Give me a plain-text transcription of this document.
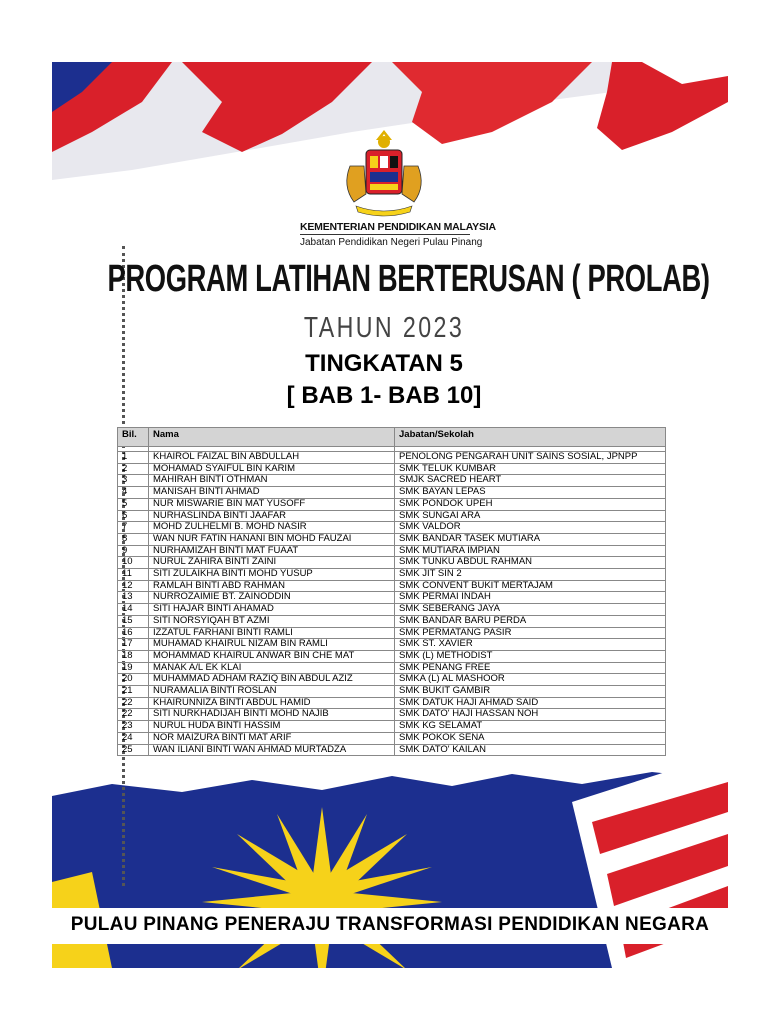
KEMENTERIAN PENDIDIKAN MALAYSIA
Jabatan Pendidikan Negeri Pulau Pinang
PROGRAM LATIHAN BERTERUSAN ( PROLAB)
TAHUN 2023
TINGKATAN 5
[ BAB 1- BAB 10]
Bil.	Nama	Jabatan/Sekolah

1	KHAIROL FAIZAL BIN ABDULLAH	PENOLONG PENGARAH UNIT SAINS SOSIAL, JPNPP
2	MOHAMAD SYAIFUL BIN KARIM	SMK TELUK KUMBAR
3	MAHIRAH BINTI OTHMAN	SMJK SACRED HEART
4	MANISAH BINTI AHMAD	SMK BAYAN LEPAS
5	NUR MISWARIE BIN MAT YUSOFF	SMK PONDOK UPEH
6	NURHASLINDA BINTI JAAFAR	SMK SUNGAI ARA
7	MOHD ZULHELMI B. MOHD NASIR	SMK VALDOR
8	WAN NUR FATIN HANANI BIN MOHD FAUZAI	SMK BANDAR TASEK MUTIARA
9	NURHAMIZAH BINTI MAT FUAAT	SMK MUTIARA IMPIAN
10	NURUL ZAHIRA BINTI ZAINI	SMK TUNKU ABDUL RAHMAN
11	SITI ZULAIKHA BINTI MOHD YUSUP	SMK JIT SIN 2
12	RAMLAH BINTI ABD RAHMAN	SMK CONVENT BUKIT MERTAJAM
13	NURROZAIMIE BT. ZAINODDIN	SMK PERMAI INDAH
14	SITI HAJAR BINTI AHAMAD	SMK SEBERANG JAYA
15	SITI NORSYIQAH BT AZMI	SMK BANDAR BARU PERDA
16	IZZATUL FARHANI BINTI RAMLI	SMK PERMATANG PASIR
17	MUHAMAD KHAIRUL NIZAM BIN RAMLI	SMK ST. XAVIER
18	MOHAMMAD KHAIRUL ANWAR BIN CHE MAT	SMK (L) METHODIST
19	MANAK A/L EK KLAI	SMK PENANG FREE
20	MUHAMMAD ADHAM RAZIQ BIN ABDUL AZIZ	SMKA (L) AL MASHOOR
21	NURAMALIA BINTI ROSLAN	SMK BUKIT GAMBIR
22	KHAIRUNNIZA BINTI ABDUL HAMID	SMK DATUK HAJI AHMAD SAID
22	SITI NURKHADIJAH BINTI MOHD NAJIB	SMK DATO' HAJI HASSAN NOH
23	NURUL HUDA BINTI HASSIM	SMK KG SELAMAT
24	NOR MAIZURA BINTI MAT ARIF	SMK POKOK SENA
25	WAN ILIANI BINTI WAN AHMAD MURTADZA	SMK DATO' KAILAN
PULAU PINANG PENERAJU TRANSFORMASI PENDIDIKAN NEGARA
